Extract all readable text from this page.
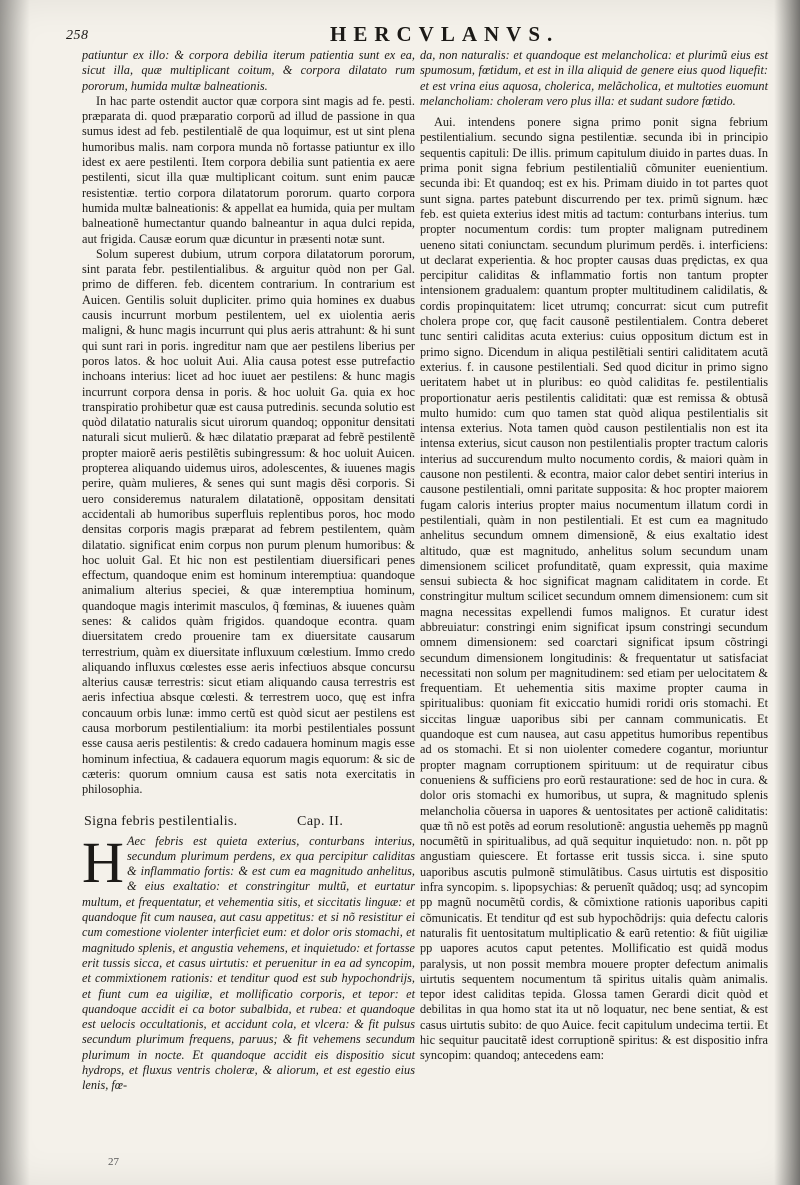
258	HERCVLANVS.

patiuntur ex illo: & corpora debilia iterum patientia sunt ex ea, sicut illa, quæ multiplicant coitum, & corpora dilatato rum pororum, humida multæ balneationis.

In hac parte ostendit auctor quæ corpora sint magis ad fe. pesti. præparata di. quod præparatio corporũ ad illud de passione in qua sumus idest ad feb. pestilentialẽ de qua loquimur, est ut sint plena humoribus malis. nam corpora munda nõ fortasse patiuntur ex illo idest ex aere pestilenti. Item corpora debilia sunt patientia ex aere pestilenti, sicut illa quæ multiplicant coitum. sunt enim paucæ resistentiæ. tertio corpora dilatatorum pororum. quarto corpora humida multæ balneationis: & appellat ea humida, quia per multam balneationẽ humectantur quando balneantur in aqua dulci repida, aut frigida. Causæ eorum quæ dicuntur in præsenti notæ sunt.

Solum superest dubium, utrum corpora dilatatorum pororum, sint parata febr. pestilentialibus. & arguitur quòd non per Gal. primo de differen. feb. dicentem contrarium. In contrarium est Auicen. Gentilis soluit dupliciter. primo quia homines ex duabus causis incurrunt morbum pestilentem, uel ex uiolentia aeris maligni, & hunc magis incurrunt qui plus aeris attrahunt: & hi sunt qui sunt rari in poris. ingreditur nam que aer pestilens liberius per poros latos. & hoc uoluit Aui. Alia causa potest esse putrefactio inchoans interius: licet ad hoc iuuet aer pestilens: & hunc magis incurrunt corpora densa in poris. & hoc uoluit Ga. quia ex hoc transpiratio prohibetur quæ est causa putredinis. secunda solutio est quòd dilatatio naturalis sicut uirorum quandoq; opponitur densitati naturali sicut mulierũ. & hæc dilatatio præparat ad febrẽ pestilentẽ propter maiorẽ aeris pestilẽtis subingressum: & hoc uoluit Auicen. propterea aliquando uidemus uiros, adolescentes, & iuuenes magis perire, quàm mulieres, & senes qui sunt magis dẽsi corporis. Si uero consideremus naturalem dilatationẽ, oppositam densitati accidentali ab humoribus superfluis replentibus poros, hoc modo densitas corporis magis præparat ad febrem pestilentem, quàm dilatatio. significat enim corpus non purum plenum humoribus: & hoc uoluit Gal. Et hic non est pestilentiam diuersificari penes effectum, quandoque enim est hominum interemptiua: quandoque animalium alterius speciei, & quæ interemptiua hominum, quandoque magis interimit masculos, q̃ fœminas, & iuuenes quàm senes: & calidos quàm frigidos. quandoque econtra. quam diuersitatem credo prouenire tam ex diuersitate causarum terrestrium, quàm ex diuersitate influxuum cœlestium. Immo credo aliquando influxus cœlestes esse aeris infectiuos absque concursu alterius causæ terrestris: sicut etiam aliquando causa terrestris est aeris infectiua absque cœlesti. & terrestrem uoco, quę est infra concauum orbis lunæ: immo certũ est quòd sicut aer pestilens est causa morborum pestilentialium: ita morbi pestilentiales possunt esse causa aeris pestilentis: & credo cadauera hominum magis esse hominum infectiua, & cadauera equorum magis equorum: & sic de cæteris: quorum omnium causa est satis nota exercitatis in philosophia.

Signa febris pestilentialis.	Cap. II.

H Aec febris est quieta exterius, conturbans interius, secundum plurimum perdens, ex qua percipitur caliditas & inflammatio fortis: & est cum ea magnitudo anhelitus, & eius exaltatio: et constringitur multũ, et eurtatur multum, et frequentatur, et vehementia sitis, et siccitatis linguæ: et quandoque fit cum nausea, aut casu appetitus: et si nõ resistitur ei cum comestione violenter interficiet eum: et dolor oris stomachi, et magnitudo splenis, et angustia vehemens, et inquietudo: et fortasse erit tussis sicca, et casus uirtutis: et peruenitur in ea ad syncopim, et commixtionem rationis: et tenditur quod est sub hypochondrijs, et fiunt cum ea uigiliæ, et mollificatio corporis, et tepor: et quandoque accidit ei ca botor subalbida, et rubea: et quandoque est uelocis occultationis, et accidunt cola, et vlcera: & fit pulsus secundum plurimum frequens, paruus; & fit vehemens secundum plurimum in nocte. Et quandoque accidit eis dispositio sicut hydrops, et fluxus ventris choleræ, & aliorum, et est egestio eius lenis, fœ-

da, non naturalis: et quandoque est melancholica: et plurimũ eius est spumosum, fœtidum, et est in illa aliquid de genere eius quod liquefit: et est vrina eius aquosa, cholerica, melãcholica, et multoties euomunt melancholiam: choleram vero plus illa: et sudant sudore fœtido.

Aui. intendens ponere signa primo ponit signa febrium pestilentialium. secundo signa pestilentiæ. secunda ibi in principio sequentis capituli: De illis. primum capitulum diuido in partes duas. In prima ponit signa febrium pestilentialiũ cõmuniter euenientium. secunda ibi: Et quandoq; est ex his. Primam diuido in tot partes quot sunt signa. partes patebunt discurrendo per tex. primũ signum. hæc feb. est quieta exterius idest mitis ad tactum: conturbans interius. tum propter nocumentum cordis: tum propter malignam putredinem ueneno sitati coniunctam. secundum plurimum perdẽs. i. interficiens: ut declarat experientia. & hoc propter causas duas prędictas, ex qua percipitur caliditas & inflammatio fortis non tantum propter intensionem gradualem: quantum propter multitudinem calidilatis, & cordis propinquitatem: licet utrumq; concurrat: sicut cum putrefit cholera prope cor, quę facit causonẽ pestilentialem. Contra deberet tunc sentiri caliditas acuta exterius: cuius oppositum dictum est in primo signo. Dicendum in aliqua pestilẽtiali sentiri caliditatem acutã exterius. f. in causone pestilentiali. Sed quod dicitur in primo signo ueritatem habet ut in pluribus: eo quòd caliditas fe. pestilentialis proportionatur aeris pestilentis caliditati: quæ est remissa & obtusã multo humido: cum quo tamen stat quòd aliqua pestilentialis sit intensa exterius. Nota tamen quòd causon pestilentialis non est ita intensa exterius, sicut causon non pestilentialis propter tractum caloris interius ad succurendum multo nocumento cordis, & maiori quàm in causone non pestilenti. & econtra, maior calor debet sentiri interius in causone pestilentiali, omni paritate supposita: & hoc propter maiorem fugam caloris interius propter maius nocumentum illatum cordi in pestilentiali, quàm in non pestilentiali. Et est cum ea magnitudo anhelitus secundum omnem dimensionẽ, & eius exaltatio idest altitudo, quæ est magnitudo, anhelitus solum secundum unam dimensionem scilicet profunditatẽ, quam expressit, quia maxime sensui subiecta & hoc significat magnam caliditatem in corde. Et constringitur multum scilicet secundum omnem dimensionem: cum sit magna necessitas expellendi fumos malignos. Et curatur idest abbreuiatur: constringi enim significat ipsum constringi secundum omnem dimensionem: sed coarctari significat ipsum cõstringi secundum dimensionem longitudinis: & frequentatur ut satisfaciat necessitati non solum per magnitudinem: sed etiam per uelocitatem & frequentiam. Et uehementia sitis maxime propter cauma in spiritualibus: quoniam fit exiccatio humidi roridi oris stomachi. Et siccitas linguæ uaporibus sibi per cannam communicatis. Et quandoque est cum nausea, aut casu appetitus humoribus repentibus ad os stomachi. Et si non uiolenter comedere cogantur, moriuntur propter magnam corruptionem spirituum: ut de requiratur cibus conueniens & sufficiens pro eorũ restauratione: sed de hoc in cura. & dolor oris stomachi ex humoribus, ut supra, & magnitudo splenis melancholia cõuersa in uapores & uentositates per actionẽ caliditatis: quæ tñ nõ est potẽs ad eorum resolutionẽ: angustia uehemẽs pp magnũ nocumẽtũ in spiritualibus, ad quã sequitur inquietudo: non. n. põt pp angustiam quiescere. Et fortasse erit tussis sicca. i. sine sputo uaporibus ascutis pulmonẽ stimulãtibus. Casus uirtutis est dispositio infra syncopim. s. lipopsychias: & peruenĩt quãdoq; usq; ad syncopim pp magnũ nocumẽtũ cordis, & cõmixtione rationis uaporibus capiti cõmunicatis. Et tenditur qđ est sub hypochõdrijs: quia defectu caloris naturalis fit uentositatum multiplicatio & earũ retentio: & fiũt uigiliæ pp uapores acutos caput petentes. Mollificatio est quidã modus paralysis, ut non possit membra mouere propter defectum animalis uirtutis sequentem nocumentum tã spiritus uitalis quàm animalis. tepor idest caliditas tepida. Glossa tamen Gerardi dicit quòd et debilitas in qua homo stat ita ut nõ loquatur, nec bene sentiat, & est casus uirtutis subito: de quo Auice. fecit capitulum undecima tertii. Et hic sequitur paucitatẽ idest corruptionẽ spiritus: & est dispositio infra syncopim: quandoq; antecedens eam:

27
